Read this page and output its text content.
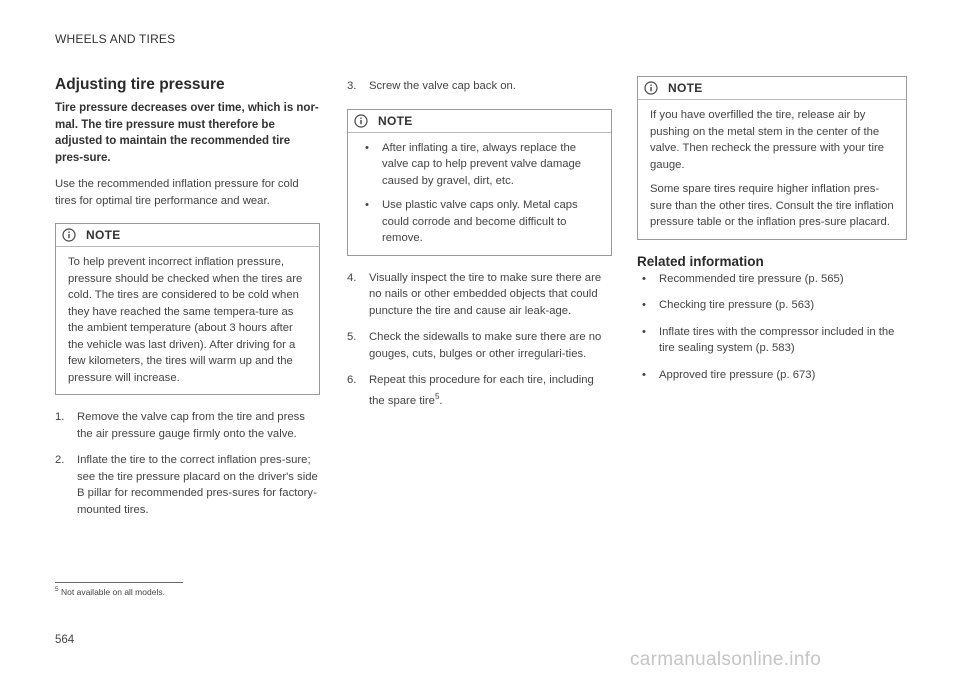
WHEELS AND TIRES
Adjusting tire pressure

Tire pressure decreases over time, which is nor-mal. The tire pressure must therefore be adjusted to maintain the recommended tire pres-sure.

Use the recommended inflation pressure for cold tires for optimal tire performance and wear.

NOTE

To help prevent incorrect inflation pressure, pressure should be checked when the tires are cold. The tires are considered to be cold when they have reached the same tempera-ture as the ambient temperature (about 3 hours after the vehicle was last driven). After driving for a few kilometers, the tires will warm up and the pressure will increase.

1. Remove the valve cap from the tire and press the air pressure gauge firmly onto the valve.
2. Inflate the tire to the correct inflation pres-sure; see the tire pressure placard on the driver's side B pillar for recommended pres-sures for factory-mounted tires.
3. Screw the valve cap back on.
NOTE
• After inflating a tire, always replace the valve cap to help prevent valve damage caused by gravel, dirt, etc.
• Use plastic valve caps only. Metal caps could corrode and become difficult to remove.
4. Visually inspect the tire to make sure there are no nails or other embedded objects that could puncture the tire and cause air leak-age.
5. Check the sidewalls to make sure there are no gouges, cuts, bulges or other irregulari-ties.
6. Repeat this procedure for each tire, including the spare tire$^5$.
NOTE

If you have overfilled the tire, release air by pushing on the metal stem in the center of the valve. Then recheck the pressure with your tire gauge.

Some spare tires require higher inflation pres-sure than the other tires. Consult the tire inflation pressure table or the inflation pres-sure placard.

Related information
• Recommended tire pressure (p. 565)
• Checking tire pressure (p. 563)
• Inflate tires with the compressor included in the tire sealing system (p. 583)
• Approved tire pressure (p. 673)
$^5$ Not available on all models.
564
carmanualsonline.info
